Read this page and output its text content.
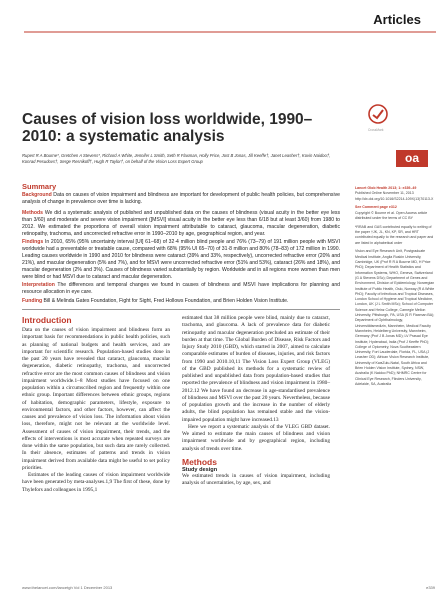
Articles
CrossMark
oa
Causes of vision loss worldwide, 1990–2010: a systematic analysis
Rupert R A Bourne*, Gretchen A Stevens*, Richard A White, Jennifer L Smith, Seth R Flaxman, Holly Price, Jost B Jonas, Jill Keeffe†, Janet Leasher†, Kovin Naidoo†, Konrad Pesudovs†, Serge Resnikoff†, Hugh R Taylor†, on behalf of the Vision Loss Expert Group
Summary

Background Data on causes of vision impairment and blindness are important for development of public health policies, but comprehensive analysis of change in prevalence over time is lacking.

Methods We did a systematic analysis of published and unpublished data on the causes of blindness (visual acuity in the better eye less than 3/60) and moderate and severe vision impairment ([MSVI] visual acuity in the better eye less than 6/18 but at least 3/60) from 1980 to 2012. We estimated the proportions of overall vision impairment attributable to cataract, glaucoma, macular degeneration, diabetic retinopathy, trachoma, and uncorrected refractive error in 1990–2010 by age, geographical region, and year.

Findings In 2010, 65% (95% uncertainty interval [UI] 61–68) of 32·4 million blind people and 76% (73–79) of 191 million people with MSVI worldwide had a preventable or treatable cause, compared with 68% (95% UI 65–70) of 31·8 million and 80% (78–83) of 172 million in 1990. Leading causes worldwide in 1990 and 2010 for blindness were cataract (39% and 33%, respectively), uncorrected refractive error (20% and 21%), and macular degeneration (5% and 7%), and for MSVI were uncorrected refractive error (51% and 53%), cataract (26% and 18%), and macular degeneration (2% and 3%). Causes of blindness varied substantially by region. Worldwide and in all regions more women than men were blind or had MSVI due to cataract and macular degeneration.

Interpretation The differences and temporal changes we found in causes of blindness and MSVI have implications for planning and resource allocation in eye care.

Funding Bill & Melinda Gates Foundation, Fight for Sight, Fred Hollows Foundation, and Brien Holden Vision Institute.

Lancet Glob Health 2013; 1: e339–49
Published Online November 11, 2013 http://dx.doi.org/10.1016/S2214-109X(13)70113-X

See Comment page e312
Copyright © Bourne et al. Open Access article distributed under the terms of CC BY

*RRAB and GAS contributed equally to writing of the paper †JK, JL, KN, KP, SR, and HRT contributed equally to the research and paper and are listed in alphabetical order

Vision and Eye Research Unit, Postgraduate Medical Institute, Anglia Ruskin University, Cambridge, UK (Prof R R A Bourne MD, H Price PhD); Department of Health Statistics and Information Systems, WHO, Geneva, Switzerland (G A Stevens DSc); Department of Genes and Environment, Division of Epidemiology, Norwegian Institute of Public Health, Oslo, Norway (R A White PhD); Faculty of Infectious and Tropical Diseases, London School of Hygiene and Tropical Medicine, London, UK (J L Smith MSc); School of Computer Science and Heinz College, Carnegie Mellon University, Pittsburgh, PA, USA (S R Flaxman BA); Department of Ophthalmology, Universitätsmedizin, Mannheim, Medical Faculty Mannheim, Heidelberg University, Mannheim, Germany (Prof J B Jonas MD); LV Prasad Eye Institute, Hyderabad, India (Prof J Keeffe PhD); College of Optometry, Nova Southeastern University, Fort Lauderdale, Florida, FL, USA (J Leasher OD); African Vision Research Institute, University of KwaZulu-Natal, South Africa and Brien Holden Vision Institute, Sydney, NSW, Australia (K Naidoo PhD); NHMRC Centre for Clinical Eye Research, Flinders University, Adelaide, SA, Australia

Introduction

Data on the causes of vision impairment and blindness form an important basis for recommendations in public health policies, such as planning of national budgets and health services, and are important for scientific research. Population-based studies done in the past 20 years have revealed that cataract, glaucoma, macular degeneration, diabetic retinopathy, trachoma, and uncorrected refractive error are the most common causes of blindness and vision impairment worldwide.1–8 Most studies have focused on one population within a circumscribed region and frequently within one ethnic group. Important differences between ethnic groups, regions of habitation, demographic parameters, lifestyle, exposure to environmental factors, and other factors, however, can affect the causes and prevalence of vision loss. The information about vision loss, therefore, might not be relevant at the worldwide level. Assessment of causes of vision impairment, their trends, and the effects of interventions is most accurate when repeated surveys are done within the same population, but such data are rarely collected. In their absence, estimates of patterns and trends in vision impairment derived from available data might be useful to set policy priorities.

Estimates of the leading causes of vision impairment worldwide have been generated by meta-analyses.1,9 The first of these, done by Thylefors and colleagues in 1995,1

estimated that 38 million people were blind, mainly due to cataract, trachoma, and glaucoma. A lack of prevalence data for diabetic retinopathy and macular degeneration precluded an estimate of their burden at that time. The Global Burden of Disease, Risk Factors and Injury Study 2010 (GBD), which started in 2007, aimed to calculate comparable estimates of burden of diseases, injuries, and risk factors from 1990 and 2010.10,11 The Vision Loss Expert Group (VLEG) of the GBD published its methods for a systematic review of published and unpublished data from population-based studies that reported the prevalence of blindness and vision impairment in 1980–2012.12 We have found an decrease in age-standardised prevalence of blindness and MSVI over the past 20 years. Nevertheless, because of population growth and the increase in the number of elderly adults, the blind population has remained stable and the vision-impaired population might have increased.13

Here we report a systematic analysis of the VLEG GBD dataset. We aimed to estimate the main causes of blindness and vision impairment worldwide and by geographical region, including analysis of trends over time.

Methods
Study design

We estimated trends in causes of vision impairment, including analysis of uncertainties, by age, sex, and

www.thelancet.com/lancetgh Vol 1 December 2013	e339
